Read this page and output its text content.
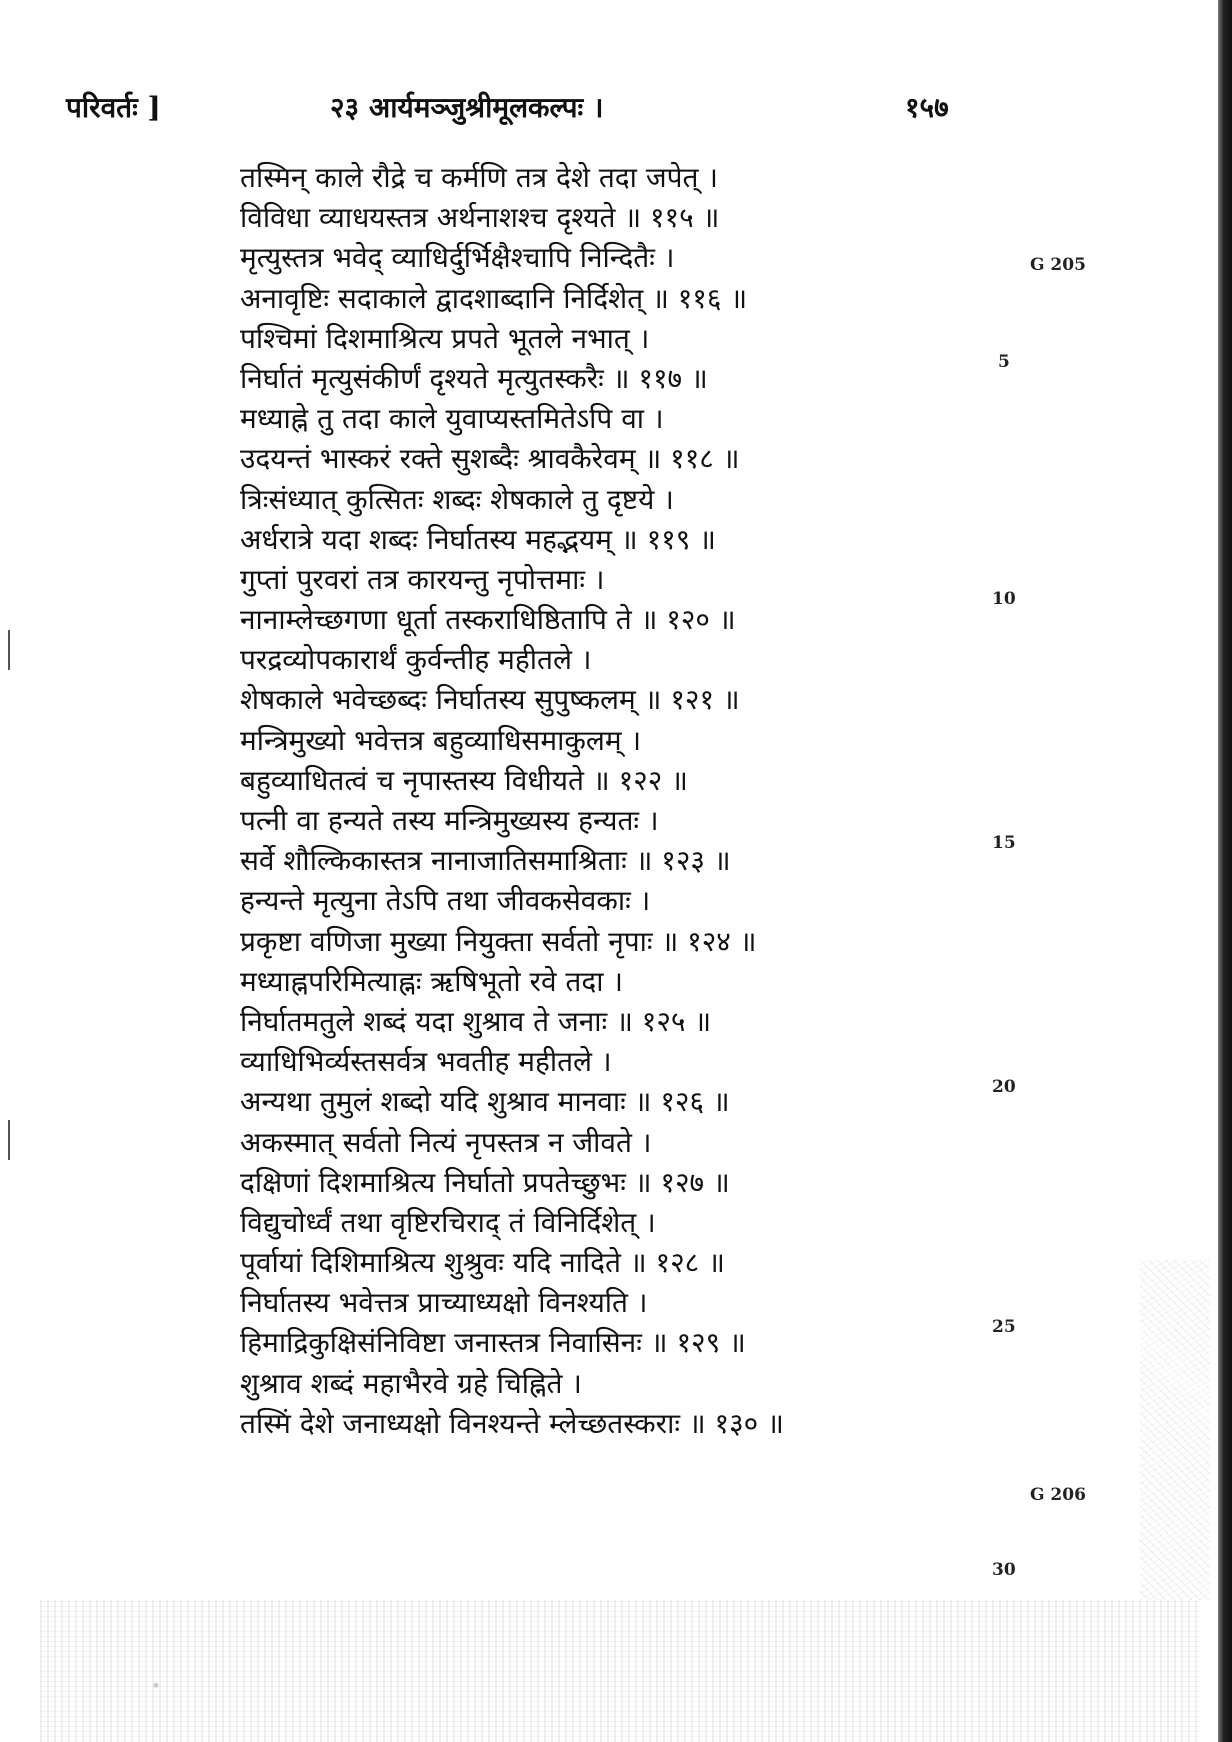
परिवर्तः ]	२३ आर्यमञ्जुश्रीमूलकल्पः ।	१५७
तस्मिन् काले रौद्रे च कर्मणि तत्र देशे तदा जपेत् ।
विविधा व्याधयस्तत्र अर्थनाशश्च दृश्यते ॥ ११५ ॥
मृत्युस्तत्र भवेद् व्याधिर्दुर्भिक्षैश्चापि निन्दितैः ।
अनावृष्टिः सदाकाले द्वादशाब्दानि निर्दिशेत् ॥ ११६ ॥
पश्चिमां दिशमाश्रित्य प्रपते भूतले नभात् ।
निर्घातं मृत्युसंकीर्णं दृश्यते मृत्युतस्करैः ॥ ११७ ॥
मध्याह्ने तु तदा काले युवाप्यस्तमितेऽपि वा ।
उदयन्तं भास्करं रक्ते सुशब्दैः श्रावकैरेवम् ॥ ११८ ॥
त्रिःसंध्यात् कुत्सितः शब्दः शेषकाले तु दृष्टये ।
अर्धरात्रे यदा शब्दः निर्घातस्य महद्भयम् ॥ ११९ ॥
गुप्तां पुरवरां तत्र कारयन्तु नृपोत्तमाः ।
नानाम्लेच्छगणा धूर्ता तस्कराधिष्ठितापि ते ॥ १२० ॥
परद्रव्योपकारार्थं कुर्वन्तीह महीतले ।
शेषकाले भवेच्छब्दः निर्घातस्य सुपुष्कलम् ॥ १२१ ॥
मन्त्रिमुख्यो भवेत्तत्र बहुव्याधिसमाकुलम् ।
बहुव्याधितत्वं च नृपास्तस्य विधीयते ॥ १२२ ॥
पत्नी वा हन्यते तस्य मन्त्रिमुख्यस्य हन्यतः ।
सर्वे शौल्किकास्तत्र नानाजातिसमाश्रिताः ॥ १२३ ॥
हन्यन्ते मृत्युना तेऽपि तथा जीवकसेवकाः ।
प्रकृष्टा वणिजा मुख्या नियुक्ता सर्वतो नृपाः ॥ १२४ ॥
मध्याह्नपरिमित्याह्नः ऋषिभूतो रवे तदा ।
निर्घातमतुले शब्दं यदा शुश्राव ते जनाः ॥ १२५ ॥
व्याधिभिर्व्यस्तसर्वत्र भवतीह महीतले ।
अन्यथा तुमुलं शब्दो यदि शुश्राव मानवाः ॥ १२६ ॥
अकस्मात् सर्वतो नित्यं नृपस्तत्र न जीवते ।
दक्षिणां दिशमाश्रित्य निर्घातो प्रपतेच्छुभः ॥ १२७ ॥
विद्युचोर्ध्वं तथा वृष्टिरचिराद् तं विनिर्दिशेत् ।
पूर्वायां दिशिमाश्रित्य शुश्रुवः यदि नादिते ॥ १२८ ॥
निर्घातस्य भवेत्तत्र प्राच्याध्यक्षो विनश्यति ।
हिमाद्रिकुक्षिसंनिविष्टा जनास्तत्र निवासिनः ॥ १२९ ॥
शुश्राव शब्दं महाभैरवे ग्रहे चिह्निते ।
तस्मिं देशे जनाध्यक्षो विनश्यन्ते म्लेच्छतस्कराः ॥ १३० ॥
G 205
5
10
15
20
25
G 206
30
